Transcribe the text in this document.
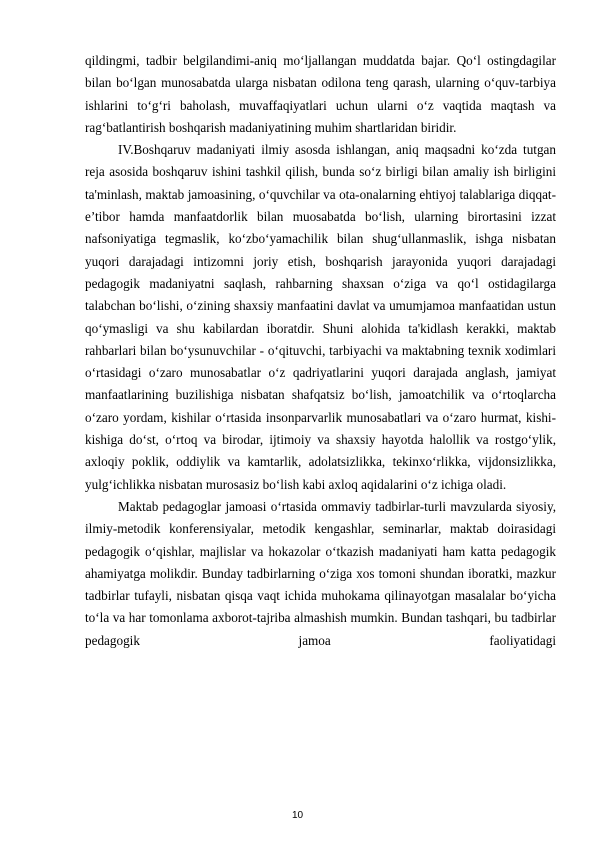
qildingmi, tadbir belgilandimi-aniq mo‘ljallangan muddatda bajar. Qo‘l ostingdagilar bilan bo‘lgan munosabatda ularga nisbatan odilona teng qarash, ularning o‘quv-tarbiya ishlarini to‘g‘ri baholash, muvaffaqiyatlari uchun ularni o‘z vaqtida maqtash va rag‘batlantirish boshqarish madaniyatining muhim shartlaridan biridir.

IV.Boshqaruv madaniyati ilmiy asosda ishlangan, aniq maqsadni ko‘zda tutgan reja asosida boshqaruv ishini tashkil qilish, bunda so‘z birligi bilan amaliy ish birligini ta'minlash, maktab jamoasining, o‘quvchilar va ota-onalarning ehtiyoj talablariga diqqat-e’tibor hamda manfaatdorlik bilan muosabatda bo‘lish, ularning birortasini izzat nafsoniyatiga tegmaslik, ko‘zbo‘yamachilik bilan shug‘ullanmaslik, ishga nisbatan yuqori darajadagi intizomni joriy etish, boshqarish jarayonida yuqori darajadagi pedagogik madaniyatni saqlash, rahbarning shaxsan o‘ziga va qo‘l ostidagilarga talabchan bo‘lishi, o‘zining shaxsiy manfaatini davlat va umumjamoa manfaatidan ustun qo‘ymasligi va shu kabilardan iboratdir. Shuni alohida ta'kidlash kerakki, maktab rahbarlari bilan bo‘ysunuvchilar - o‘qituvchi, tarbiyachi va maktabning texnik xodimlari o‘rtasidagi o‘zaro munosabatlar o‘z qadriyatlarini yuqori darajada anglash, jamiyat manfaatlarining buzilishiga nisbatan shafqatsiz bo‘lish, jamoatchilik va o‘rtoqlarcha o‘zaro yordam, kishilar o‘rtasida insonparvarlik munosabatlari va o‘zaro hurmat, kishi-kishiga do‘st, o‘rtoq va birodar, ijtimoiy va shaxsiy hayotda halollik va rostgo‘ylik, axloqiy poklik, oddiylik va kamtarlik, adolatsizlikka, tekinxo‘rlikka, vijdonsizlikka, yulg‘ichlikka nisbatan murosasiz bo‘lish kabi axloq aqidalarini o‘z ichiga oladi.

Maktab pedagoglar jamoasi o‘rtasida ommaviy tadbirlar-turli mavzularda siyosiy, ilmiy-metodik konferensiyalar, metodik kengashlar, seminarlar, maktab doirasidagi pedagogik o‘qishlar, majlislar va hokazolar o‘tkazish madaniyati ham katta pedagogik ahamiyatga molikdir. Bunday tadbirlarning o‘ziga xos tomoni shundan iboratki, mazkur tadbirlar tufayli, nisbatan qisqa vaqt ichida muhokama qilinayotgan masalalar bo‘yicha to‘la va har tomonlama axborot-tajriba almashish mumkin. Bundan tashqari, bu tadbirlar pedagogik jamoa faoliyatidagi

10
